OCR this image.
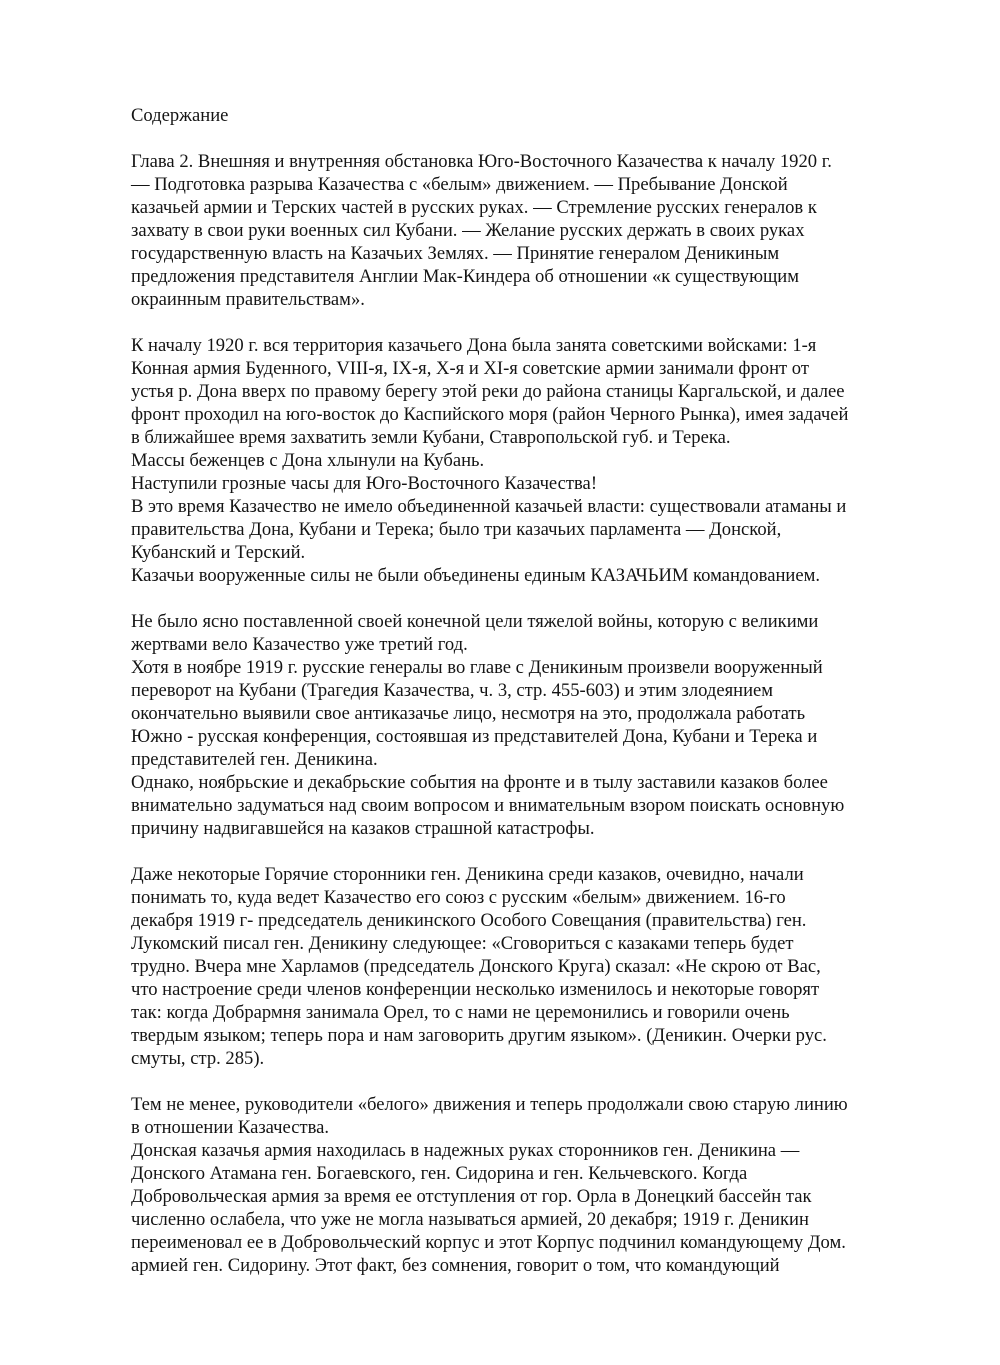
Содержание
Глава 2. Внешняя и внутренняя обстановка Юго-Восточного Казачества к началу 1920 г.
— Подготовка разрыва Казачества с «белым» движением. — Пребывание Донской
казачьей армии и Терских частей в русских руках. — Стремление русских генералов к
захвату в свои руки военных сил Кубани. — Желание русских держать в своих руках
государственную власть на Казачьих Землях. — Принятие генералом Деникиным
предложения представителя Англии Мак-Киндера об отношении «к существующим
окраинным правительствам».
К началу 1920 г. вся территория казачьего Дона была занята советскими войсками: 1-я
Конная армия Буденного, VIII-я, IX-я, X-я и XI-я советские армии занимали фронт от
устья р. Дона вверх по правому берегу этой реки до района станицы Каргальской, и далее
фронт проходил на юго-восток до Каспийского моря (район Черного Рынка), имея задачей
в ближайшее время захватить земли Кубани, Ставропольской губ. и Терека.
Массы беженцев с Дона хлынули на Кубань.
Наступили грозные часы для Юго-Восточного Казачества!
В это время Казачество не имело объединенной казачьей власти: существовали атаманы и
правительства Дона, Кубани и Терека; было три казачьих парламента — Донской,
Кубанский и Терский.
Казачьи вооруженные силы не были объединены единым КАЗАЧЬИМ командованием.
Не было ясно поставленной своей конечной цели тяжелой войны, которую с великими
жертвами вело Казачество уже третий год.
Хотя в ноябре 1919 г. русские генералы во главе с Деникиным произвели вооруженный
переворот на Кубани (Трагедия Казачества, ч. 3, стр. 455-603) и этим злодеянием
окончательно выявили свое антиказачье лицо, несмотря на это, продолжала работать
Южно - русская конференция, состоявшая из представителей Дона, Кубани и Терека и
представителей ген. Деникина.
Однако, ноябрьские и декабрьские события на фронте и в тылу заставили казаков более
внимательно задуматься над своим вопросом и внимательным взором поискать основную
причину надвигавшейся на казаков страшной катастрофы.
Даже некоторые Горячие сторонники ген. Деникина среди казаков, очевидно, начали
понимать то, куда ведет Казачество его союз с русским «белым» движением. 16-го
декабря 1919 г- председатель деникинского Особого Совещания (правительства) ген.
Лукомский писал ген. Деникину следующее: «Сговориться с казаками теперь будет
трудно. Вчера мне Харламов (председатель Донского Круга) сказал: «Не скрою от Вас,
что настроение среди членов конференции несколько изменилось и некоторые говорят
так: когда Добрармня занимала Орел, то с нами не церемонились и говорили очень
твердым языком; теперь пора и нам заговорить другим языком». (Деникин. Очерки рус.
смуты, стр. 285).
Тем не менее, руководители «белого» движения и теперь продолжали свою старую линию
в отношении Казачества.
Донская казачья армия находилась в надежных руках сторонников ген. Деникина —
Донского Атамана ген. Богаевского, ген. Сидорина и ген. Кельчевского. Когда
Добровольческая армия за время ее отступления от гор. Орла в Донецкий бассейн так
численно ослабела, что уже не могла называться армией, 20 декабря; 1919 г. Деникин
переименовал ее в Добровольческий корпус и этот Корпус подчинил командующему Дом.
армией ген. Сидорину. Этот факт, без сомнения, говорит о том, что командующий
